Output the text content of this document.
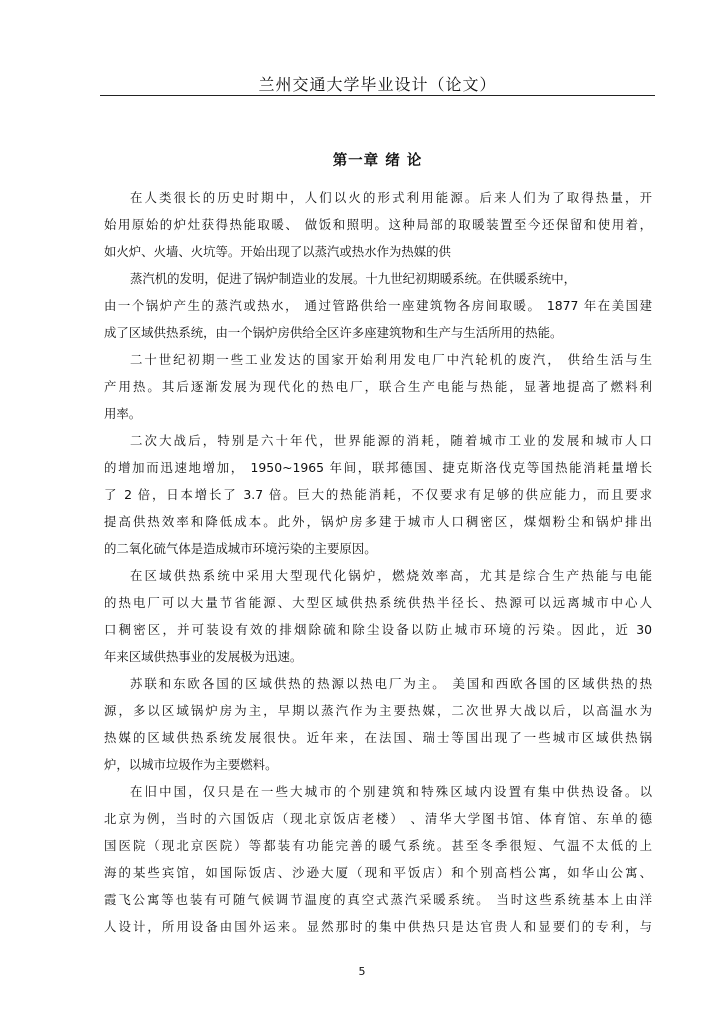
兰州交通大学毕业设计（论文）
第一章 绪 论
在人类很长的历史时期中，人们以火的形式利用能源。后来人们为了取得热量，开
始用原始的炉灶获得热能取暖、 做饭和照明。这种局部的取暖装置至今还保留和使用着，
如火炉、火墙、火坑等。开始出现了以蒸汽或热水作为热媒的供
蒸汽机的发明，促进了锅炉制造业的发展。十九世纪初期暖系统。在供暖系统中，
由一个锅炉产生的蒸汽或热水， 通过管路供给一座建筑物各房间取暖。 1877 年在美国建
成了区域供热系统，由一个锅炉房供给全区许多座建筑物和生产与生活所用的热能。
二十世纪初期一些工业发达的国家开始利用发电厂中汽轮机的废汽， 供给生活与生
产用热。其后逐渐发展为现代化的热电厂，联合生产电能与热能，显著地提高了燃料利
用率。
二次大战后，特别是六十年代，世界能源的消耗，随着城市工业的发展和城市人口
的增加而迅速地增加， 1950~1965 年间，联邦德国、捷克斯洛伐克等国热能消耗量增长
了 2 倍，日本增长了 3.7 倍。巨大的热能消耗，不仅要求有足够的供应能力，而且要求
提高供热效率和降低成本。此外，锅炉房多建于城市人口稠密区，煤烟粉尘和锅炉排出
的二氧化硫气体是造成城市环境污染的主要原因。
在区域供热系统中采用大型现代化锅炉，燃烧效率高，尤其是综合生产热能与电能
的热电厂可以大量节省能源、大型区域供热系统供热半径长、热源可以远离城市中心人
口稠密区，并可装设有效的排烟除硫和除尘设备以防止城市环境的污染。因此，近 30
年来区域供热事业的发展极为迅速。
苏联和东欧各国的区域供热的热源以热电厂为主。 美国和西欧各国的区域供热的热
源，多以区域锅炉房为主，早期以蒸汽作为主要热媒，二次世界大战以后，以高温水为
热媒的区域供热系统发展很快。近年来，在法国、瑞士等国出现了一些城市区域供热锅
炉，以城市垃圾作为主要燃料。
在旧中国，仅只是在一些大城市的个别建筑和特殊区域内设置有集中供热设备。以
北京为例，当时的六国饭店（现北京饭店老楼） 、清华大学图书馆、体育馆、东单的德
国医院（现北京医院）等都装有功能完善的暖气系统。甚至冬季很短、气温不太低的上
海的某些宾馆，如国际饭店、沙逊大厦（现和平饭店）和个别高档公寓，如华山公寓、
霞飞公寓等也装有可随气候调节温度的真空式蒸汽采暖系统。 当时这些系统基本上由洋
人设计，所用设备由国外运来。显然那时的集中供热只是达官贵人和显要们的专利，与
5
